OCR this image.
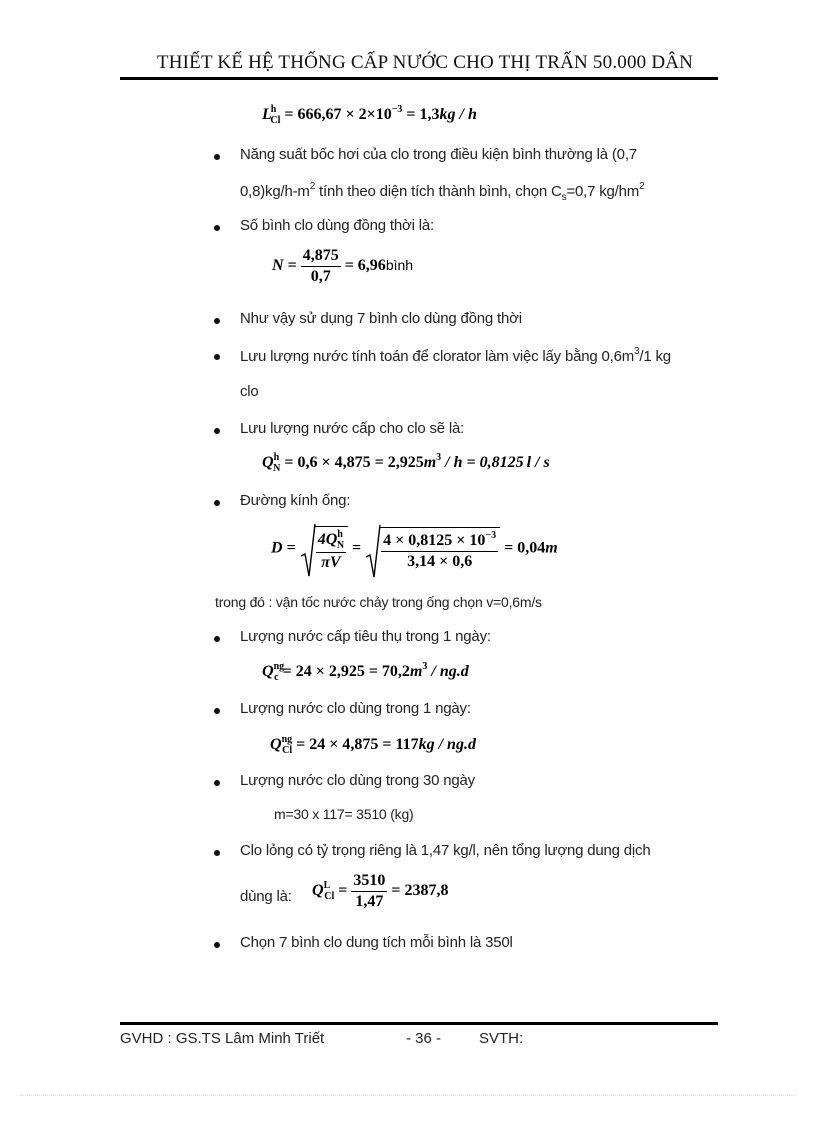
THIẾT KẾ HỆ THỐNG CẤP NƯỚC CHO THỊ TRẤN 50.000 DÂN
$L^h_{Cl} = 666,67 \times 2\times 10^{-3} = 1,3kg / h$
Năng suất bốc hơi của clo trong điều kiện bình thường là (0,7
$0,8)kg/h-m^2$ tính theo diện tích thành bình, chọn $C_s=0,7$ $kg/hm^2$
Số bình clo dùng đồng thời là:
$N = \frac{4,875}{0,7}$ = 6,96bình
Như vậy sử dụng 7 bình clo dùng đồng thời
Lưu lượng nước tính toán để clorator làm việc lấy bằng $0,6m^3/1$ kg
clo
Lưu lượng nước cấp cho clo sẽ là:
$Q^h_N = 0,6 \times 4,875 = 2,925m^3 / h = 0,8125$ l / s
Đường kính ống:
$D = \frac{4Q^h_N}{\pi V} = \frac{4 \times 0,8125 \times 10^{-3}}{3,14 \times 0,6} = 0,04m$
trong đó : vận tốc nước chảy trong ống chọn v=0,6m/s
Lượng nước cấp tiêu thụ trong 1 ngày:
$Q^{ng}_c = 24 \times 2,925 = 70,2m^3 / ng.d$
Lượng nước clo dùng trong 1 ngày:
$Q^{ng}_{Cl} = 24 \times 4,875 = 117kg / ng.d$
Lượng nước clo dùng trong 30 ngày
m=30 x 117= 3510 (kg)
Clo lỏng có tỷ trọng riêng là 1,47 kg/l, nên tổng lượng dung dịch
dùng là: $Q^L_{Cl} = \frac{3510}{1,47} = 2387,8$
Chọn 7 bình clo dung tích mỗi bình là 350l
GVHD : GS.TS Lâm Minh Triết	- 36 -	SVTH:
